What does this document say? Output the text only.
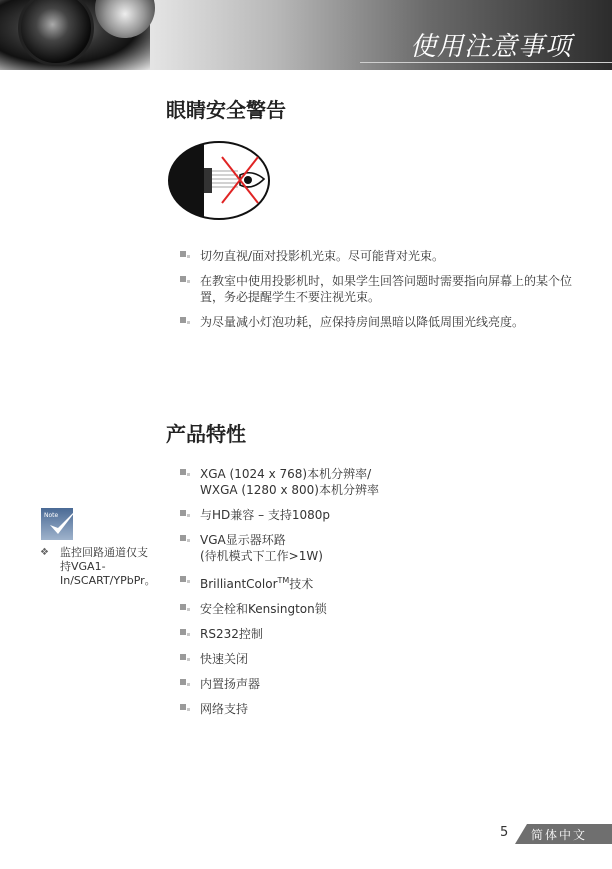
使用注意事项
眼睛安全警告
切勿直视/面对投影机光束。尽可能背对光束。
在教室中使用投影机时，如果学生回答问题时需要指向屏幕上的某个位置，务必提醒学生不要注视光束。
为尽量减小灯泡功耗，应保持房间黑暗以降低周围光线亮度。
产品特性
XGA (1024 x 768)本机分辨率/
WXGA (1280 x 800)本机分辨率
与HD兼容 – 支持1080p
VGA显示器环路
(待机模式下工作>1W)
BrilliantColor™技术
安全栓和Kensington锁
RS232控制
快速关闭
内置扬声器
网络支持
Note
❖ 监控回路通道仅支持VGA1-In/SCART/YPbPr。
5 简体中文
